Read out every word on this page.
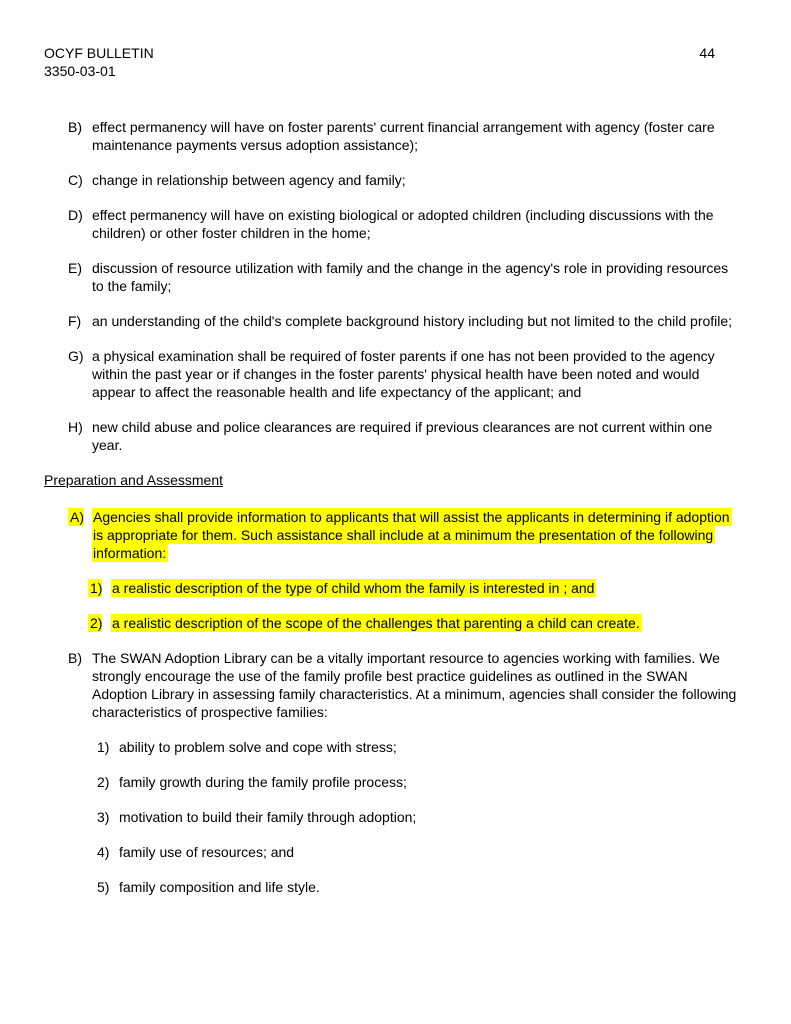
OCYF BULLETIN
3350-03-01
44
B) effect permanency will have on foster parents' current financial arrangement with agency (foster care maintenance payments versus adoption assistance);
C) change in relationship between agency and family;
D) effect permanency will have on existing biological or adopted children (including discussions with the children) or other foster children in the home;
E) discussion of resource utilization with family and the change in the agency's role in providing resources to the family;
F) an understanding of the child's complete background history including but not limited to the child profile;
G) a physical examination shall be required of foster parents if one has not been provided to the agency within the past year or if changes in the foster parents' physical health have been noted and would appear to affect the reasonable health and life expectancy of the applicant; and
H) new child abuse and police clearances are required if previous clearances are not current within one year.
Preparation and Assessment
A) Agencies shall provide information to applicants that will assist the applicants in determining if adoption is appropriate for them. Such assistance shall include at a minimum the presentation of the following information:
1) a realistic description of the type of child whom the family is interested in ; and
2) a realistic description of the scope of the challenges that parenting a child can create.
B) The SWAN Adoption Library can be a vitally important resource to agencies working with families. We strongly encourage the use of the family profile best practice guidelines as outlined in the SWAN Adoption Library in assessing family characteristics. At a minimum, agencies shall consider the following characteristics of prospective families:
1) ability to problem solve and cope with stress;
2) family growth during the family profile process;
3) motivation to build their family through adoption;
4) family use of resources; and
5) family composition and life style.
